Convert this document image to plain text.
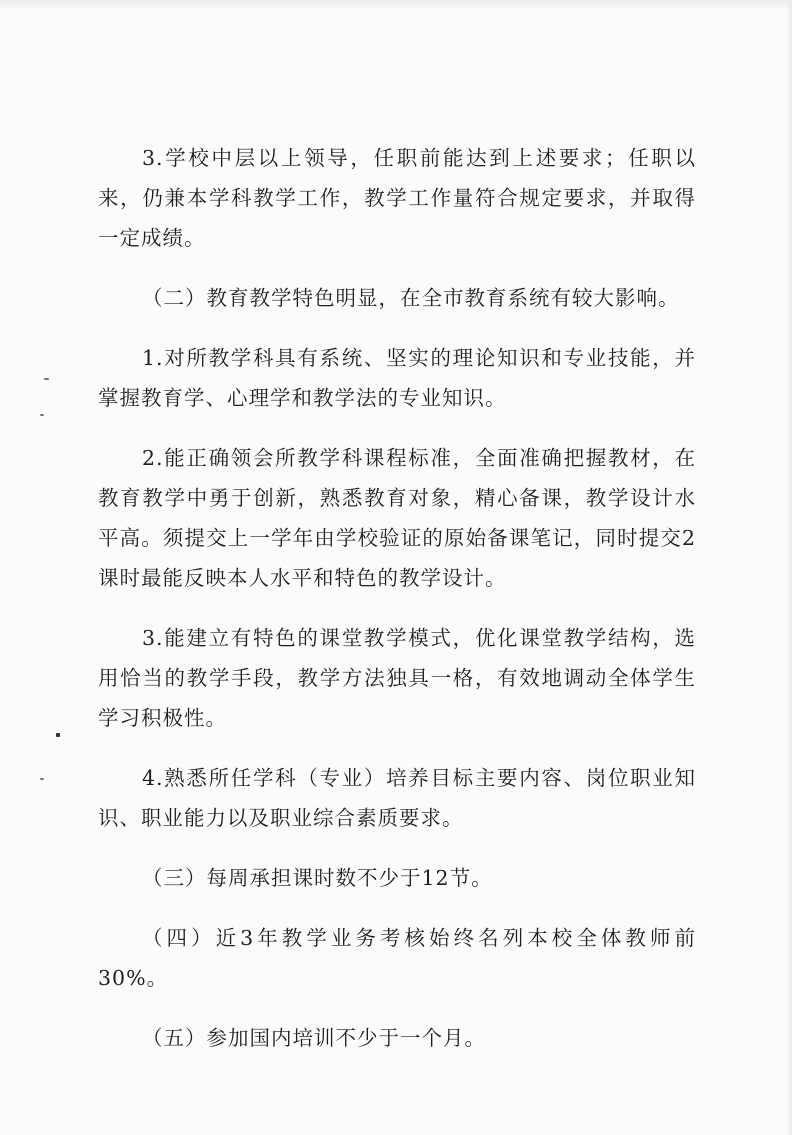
3.学校中层以上领导，任职前能达到上述要求；任职以来，仍兼本学科教学工作，教学工作量符合规定要求，并取得一定成绩。

（二）教育教学特色明显，在全市教育系统有较大影响。

1.对所教学科具有系统、坚实的理论知识和专业技能，并掌握教育学、心理学和教学法的专业知识。

2.能正确领会所教学科课程标准，全面准确把握教材，在教育教学中勇于创新，熟悉教育对象，精心备课，教学设计水平高。须提交上一学年由学校验证的原始备课笔记，同时提交2课时最能反映本人水平和特色的教学设计。

3.能建立有特色的课堂教学模式，优化课堂教学结构，选用恰当的教学手段，教学方法独具一格，有效地调动全体学生学习积极性。

4.熟悉所任学科（专业）培养目标主要内容、岗位职业知识、职业能力以及职业综合素质要求。

（三）每周承担课时数不少于12节。

（四）近3年教学业务考核始终名列本校全体教师前30%。

（五）参加国内培训不少于一个月。
